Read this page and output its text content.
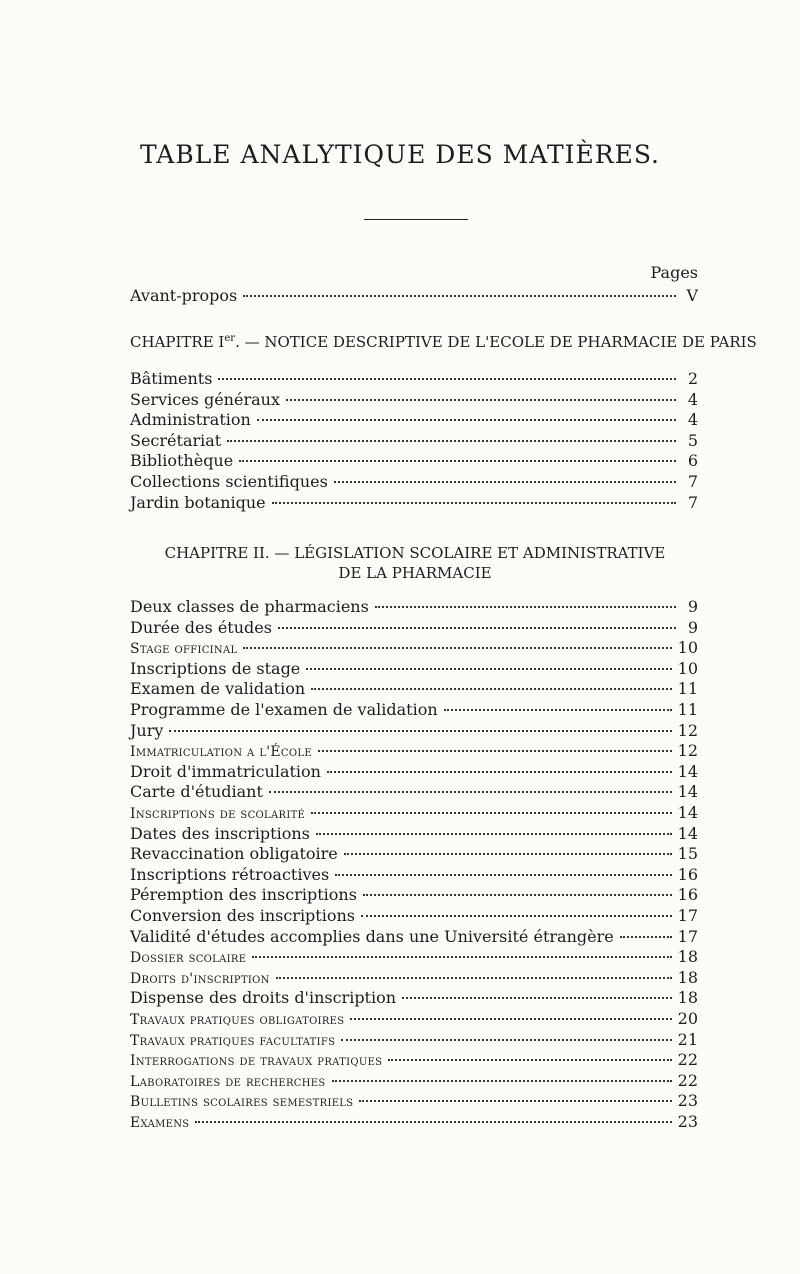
TABLE ANALYTIQUE DES MATIÈRES.
Pages
Avant-propos	V
CHAPITRE Ier. — NOTICE DESCRIPTIVE DE L'ECOLE DE PHARMACIE DE PARIS
Bâtiments	2
Services généraux	4
Administration	4
Secrétariat	5
Bibliothèque	6
Collections scientifiques	7
Jardin botanique	7
CHAPITRE II. — LÉGISLATION SCOLAIRE ET ADMINISTRATIVE
DE LA PHARMACIE
Deux classes de pharmaciens	9
Durée des études	9
Stage officinal	10
Inscriptions de stage	10
Examen de validation	11
Programme de l'examen de validation	11
Jury	12
Immatriculation a l'École	12
Droit d'immatriculation	14
Carte d'étudiant	14
Inscriptions de scolarité	14
Dates des inscriptions	14
Revaccination obligatoire	15
Inscriptions rétroactives	16
Péremption des inscriptions	16
Conversion des inscriptions	17
Validité d'études accomplies dans une Université étrangère	17
Dossier scolaire	18
Droits d'inscription	18
Dispense des droits d'inscription	18
Travaux pratiques obligatoires	20
Travaux pratiques facultatifs	21
Interrogations de travaux pratiques	22
Laboratoires de recherches	22
Bulletins scolaires semestriels	23
Examens	23
